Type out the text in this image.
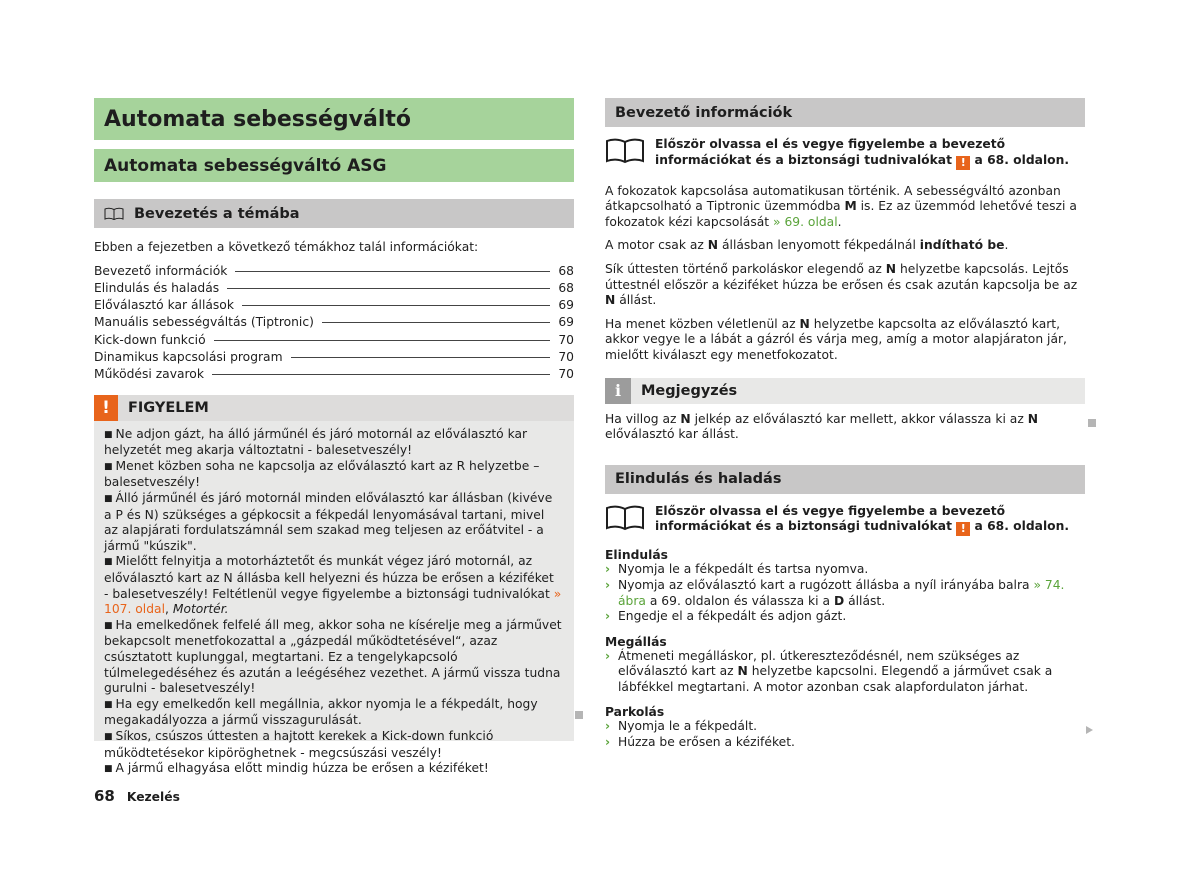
Automata sebességváltó
Automata sebességváltó ASG
Bevezetés a témába

Ebben a fejezetben a következő témákhoz talál információkat:

Bevezető információk	68
Elindulás és haladás	68
Előválasztó kar állások	69
Manuális sebességváltás (Tiptronic)	69
Kick-down funkció	70
Dinamikus kapcsolási program	70
Működési zavarok	70
!	FIGYELEM

■ Ne adjon gázt, ha álló járműnél és járó motornál az előválasztó kar helyzetét meg akarja változtatni - balesetveszély!

■ Menet közben soha ne kapcsolja az előválasztó kart az R helyzetbe – balesetveszély!

■ Álló járműnél és járó motornál minden előválasztó kar állásban (kivéve a P és N) szükséges a gépkocsit a fékpedál lenyomásával tartani, mivel az alapjárati fordulatszámnál sem szakad meg teljesen az erőátvitel - a jármű "kúszik".

■ Mielőtt felnyitja a motorháztetőt és munkát végez járó motornál, az előválasztó kart az N állásba kell helyezni és húzza be erősen a kéziféket - balesetveszély! Feltétlenül vegye figyelembe a biztonsági tudnivalókat » 107. oldal, Motortér.

■ Ha emelkedőnek felfelé áll meg, akkor soha ne kísérelje meg a járművet bekapcsolt menetfokozattal a „gázpedál működtetésével“, azaz csúsztatott kuplunggal, megtartani. Ez a tengelykapcsoló túlmelegedéséhez és azután a leégéséhez vezethet. A jármű vissza tudna gurulni - balesetveszély!

■ Ha egy emelkedőn kell megállnia, akkor nyomja le a fékpedált, hogy megakadályozza a jármű visszagurulását.

■ Síkos, csúszos úttesten a hajtott kerekek a Kick-down funkció működtetésekor kipöröghetnek - megcsúszási veszély!

■ A jármű elhagyása előtt mindig húzza be erősen a kéziféket!

Bevezető információk
Először olvassa el és vegye figyelembe a bevezető információkat és a biztonsági tudnivalókat ! a 68. oldalon.

A fokozatok kapcsolása automatikusan történik. A sebességváltó azonban átkapcsolható a Tiptronic üzemmódba M is. Ez az üzemmód lehetővé teszi a fokozatok kézi kapcsolását » 69. oldal.

A motor csak az N állásban lenyomott fékpedálnál indítható be.

Sík úttesten történő parkoláskor elegendő az N helyzetbe kapcsolás. Lejtős úttestnél először a kéziféket húzza be erősen és csak azután kapcsolja be az N állást.

Ha menet közben véletlenül az N helyzetbe kapcsolta az előválasztó kart, akkor vegye le a lábát a gázról és várja meg, amíg a motor alapjáraton jár, mielőtt kiválaszt egy menetfokozatot.

i	Megjegyzés

Ha villog az N jelkép az előválasztó kar mellett, akkor válassza ki az N előválasztó kar állást.

Elindulás és haladás
Először olvassa el és vegye figyelembe a bevezető információkat és a biztonsági tudnivalókat ! a 68. oldalon.
Elindulás
› Nyomja le a fékpedált és tartsa nyomva.
› Nyomja az előválasztó kart a rugózott állásba a nyíl irányába balra » 74. ábra a 69. oldalon és válassza ki a D állást.
› Engedje el a fékpedált és adjon gázt.
Megállás
› Átmeneti megálláskor, pl. útkereszteződésnél, nem szükséges az előválasztó kart az N helyzetbe kapcsolni. Elegendő a járművet csak a lábfékkel megtartani. A motor azonban csak alapfordulaton járhat.
Parkolás
› Nyomja le a fékpedált.
› Húzza be erősen a kéziféket.
68 Kezelés
